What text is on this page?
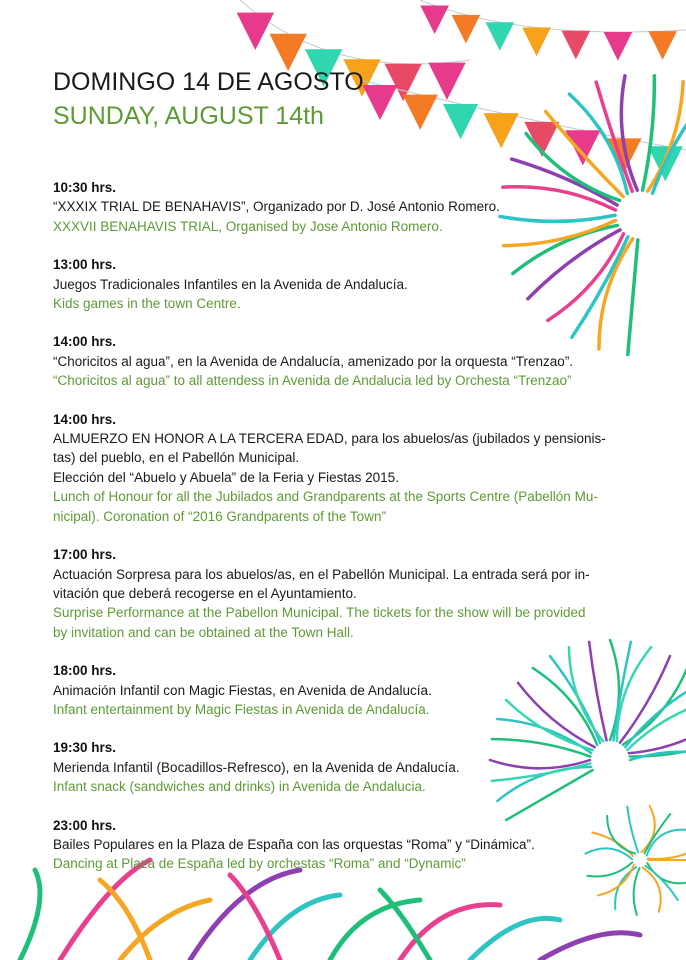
DOMINGO 14 DE AGOSTO
SUNDAY, AUGUST 14th
10:30 hrs.
“XXXIX TRIAL DE BENAHAVIS”, Organizado por D. José Antonio Romero.
XXXVII BENAHAVIS TRIAL, Organised by Jose Antonio Romero.
13:00 hrs.
Juegos Tradicionales Infantiles en la Avenida de Andalucía.
Kids games in the town Centre.
14:00 hrs.
“Choricitos al agua”, en la Avenida de Andalucía, amenizado por la orquesta “Trenzao”.
“Choricitos al agua” to all attendess in Avenida de Andalucia led by Orchesta “Trenzao”
14:00 hrs.
ALMUERZO EN HONOR A LA TERCERA EDAD, para los abuelos/as (jubilados y pensionis-
tas) del pueblo, en el Pabellón Municipal.
Elección del “Abuelo y Abuela” de la Feria y Fiestas 2015.
Lunch of Honour for all the Jubilados and Grandparents at the Sports Centre (Pabellón Mu-
nicipal). Coronation of “2016 Grandparents of the Town”
17:00 hrs.
Actuación Sorpresa para los abuelos/as, en el Pabellón Municipal. La entrada será por in-
vitación que deberá recogerse en el Ayuntamiento.
Surprise Performance at the Pabellon Municipal. The tickets for the show will be provided
by invitation and can be obtained at the Town Hall.
18:00 hrs.
Animación Infantil con Magic Fiestas, en Avenida de Andalucía.
Infant entertainment by Magic Fiestas in Avenida de Andalucía.
19:30 hrs.
Merienda Infantil (Bocadillos-Refresco), en la Avenida de Andalucía.
Infant snack (sandwiches and drinks) in Avenida de Andalucia.
23:00 hrs.
Bailes Populares en la Plaza de España con las orquestas “Roma” y “Dinámica”.
Dancing at Plaza de España led by orchestas “Roma” and “Dynamic”
